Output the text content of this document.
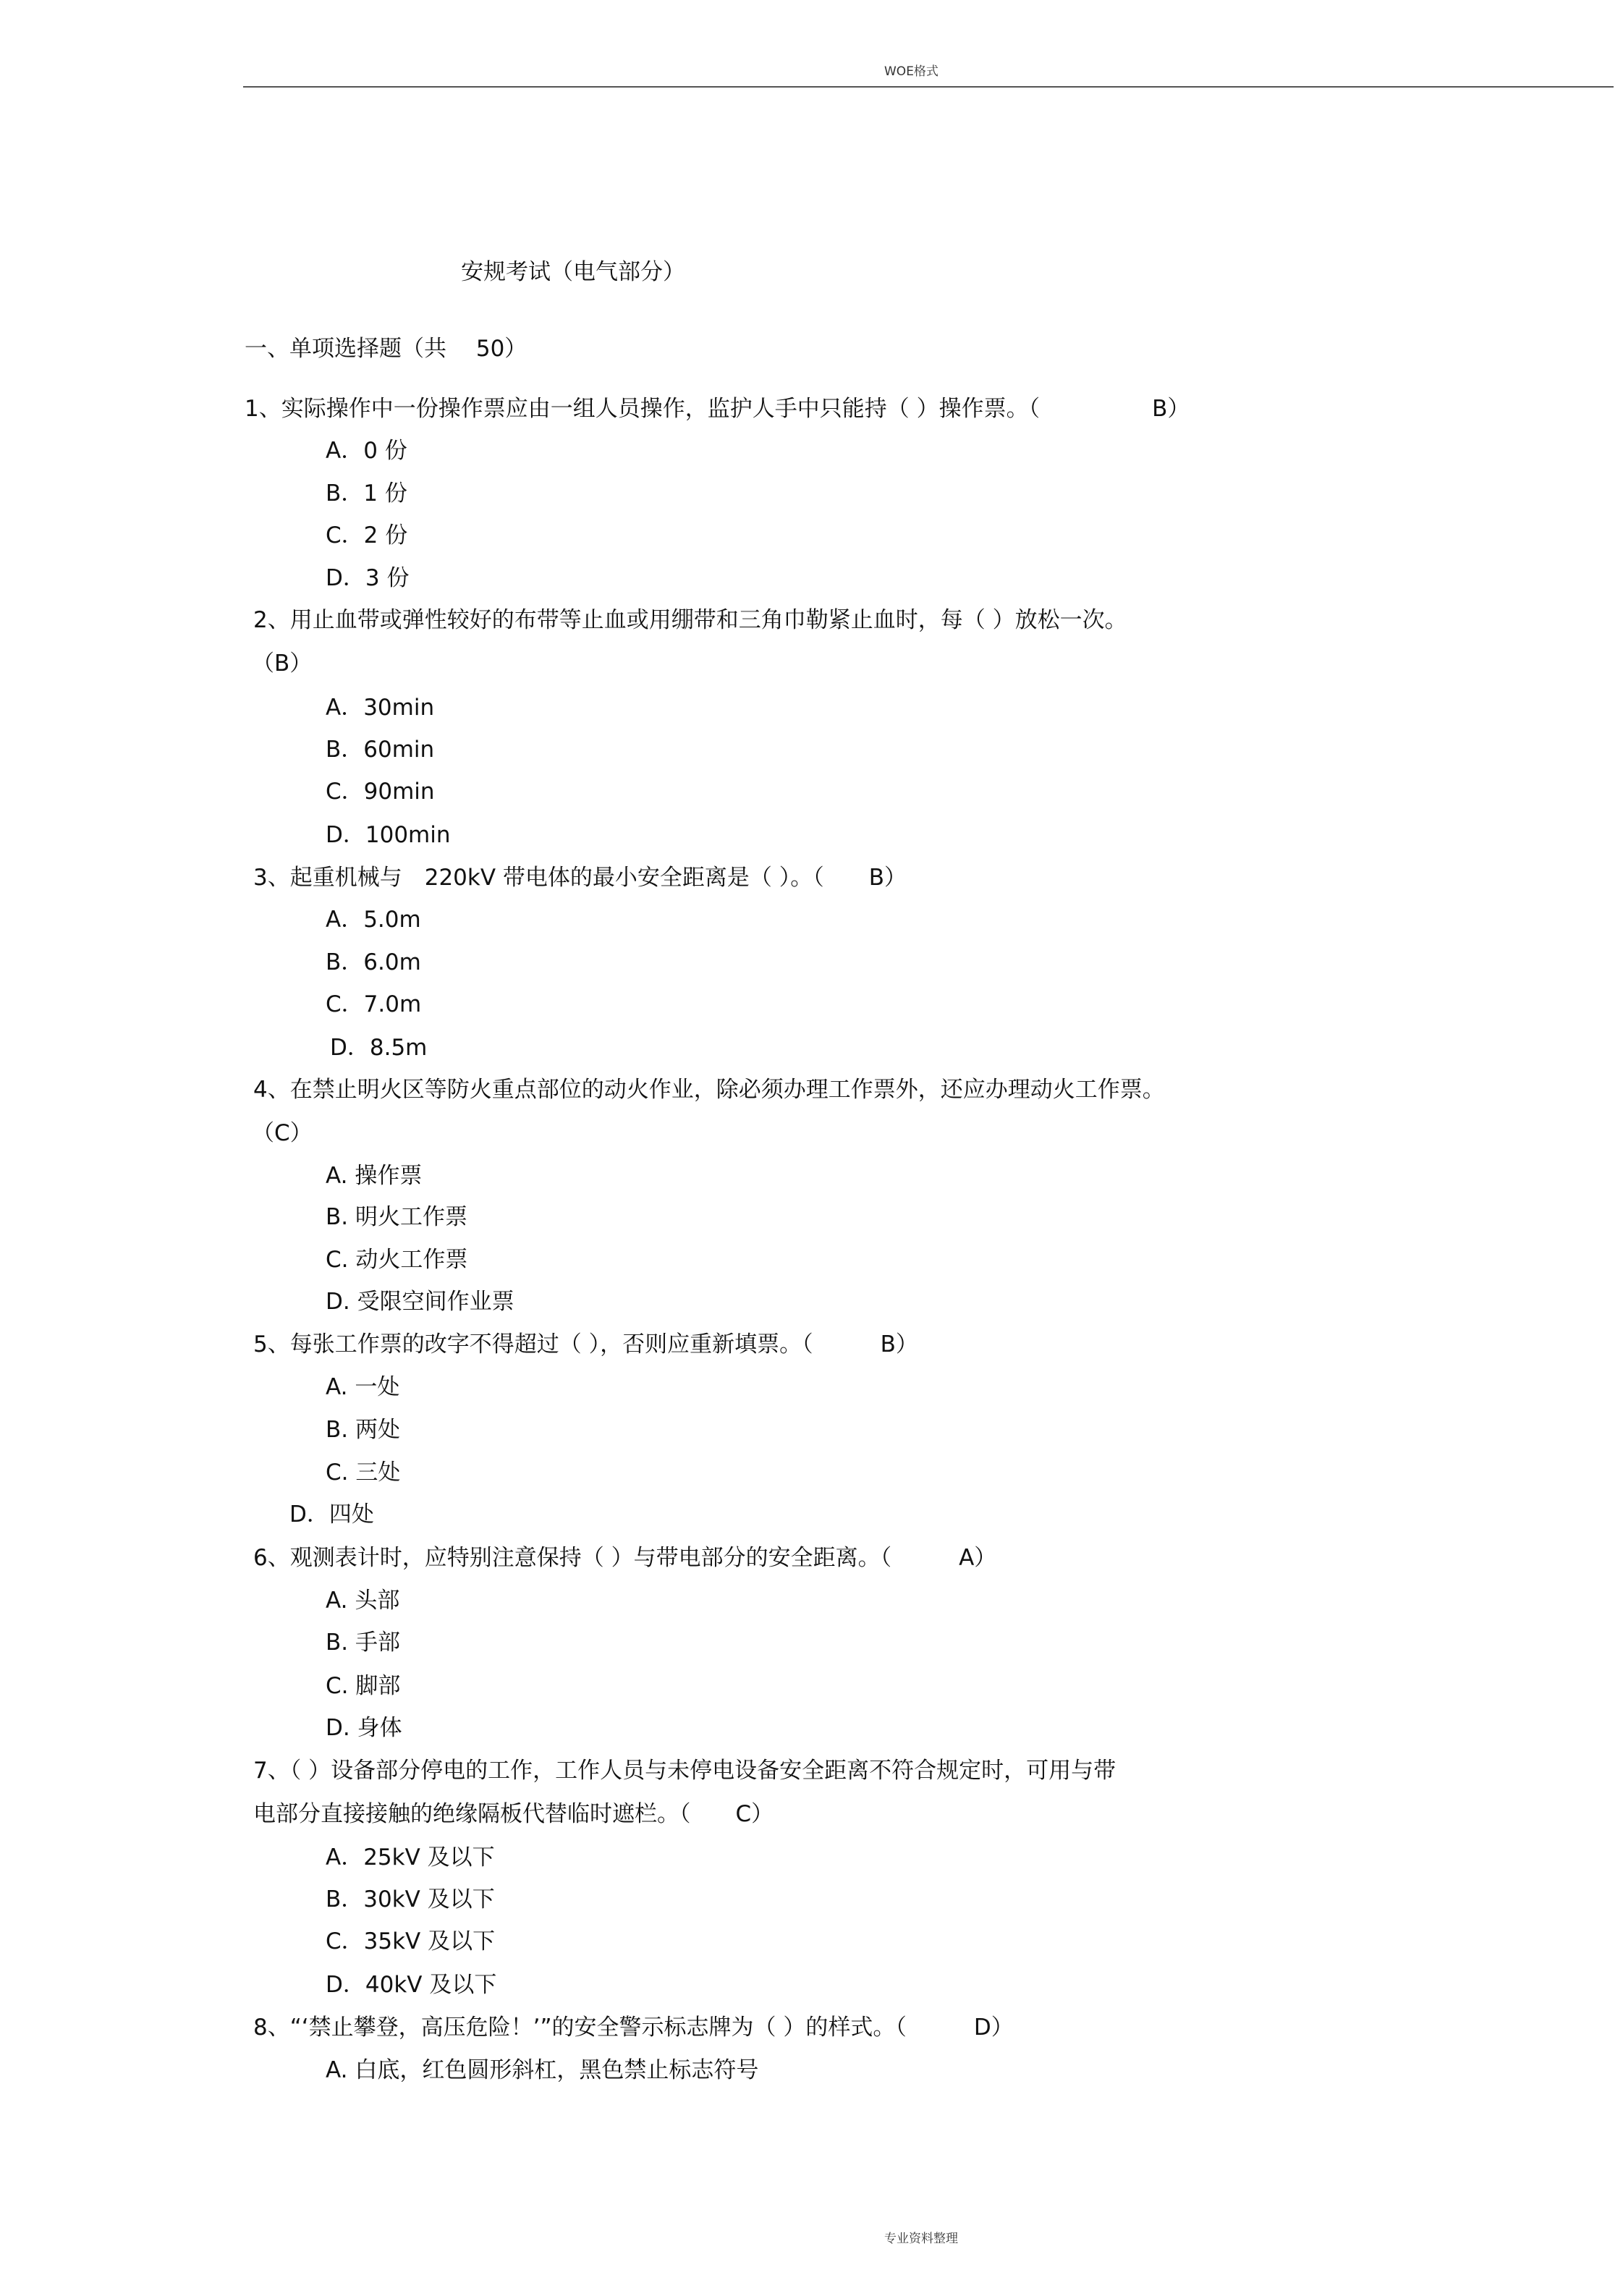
WOE格式
安规考试（电气部分）
一、单项选择题（共　 50）
1、实际操作中一份操作票应由一组人员操作，监护人手中只能持（ ）操作票。（　　　　　B）
A．0 份
B．1 份
C．2 份
D．3 份
2、用止血带或弹性较好的布带等止血或用绷带和三角巾勒紧止血时，每（ ）放松一次。
（B）
A．30min
B．60min
C．90min
D．100min
3、起重机械与　220kV 带电体的最小安全距离是（ ）。（　　B）
A．5.0m
B．6.0m
C．7.0m
D．8.5m
4、在禁止明火区等防火重点部位的动火作业，除必须办理工作票外，还应办理动火工作票。
（C）
A. 操作票
B. 明火工作票
C. 动火工作票
D. 受限空间作业票
5、每张工作票的改字不得超过（ ），否则应重新填票。（　　　B）
A. 一处
B. 两处
C. 三处
D．四处
6、观测表计时，应特别注意保持（ ）与带电部分的安全距离。（　　　A）
A. 头部
B. 手部
C. 脚部
D. 身体
7、（ ）设备部分停电的工作，工作人员与未停电设备安全距离不符合规定时，可用与带
电部分直接接触的绝缘隔板代替临时遮栏。（　　C）
A．25kV 及以下
B．30kV 及以下
C．35kV 及以下
D．40kV 及以下
8、“‘禁止攀登，高压危险！’”的安全警示标志牌为（ ）的样式。（　　　D）
A. 白底，红色圆形斜杠，黑色禁止标志符号
专业资料整理
